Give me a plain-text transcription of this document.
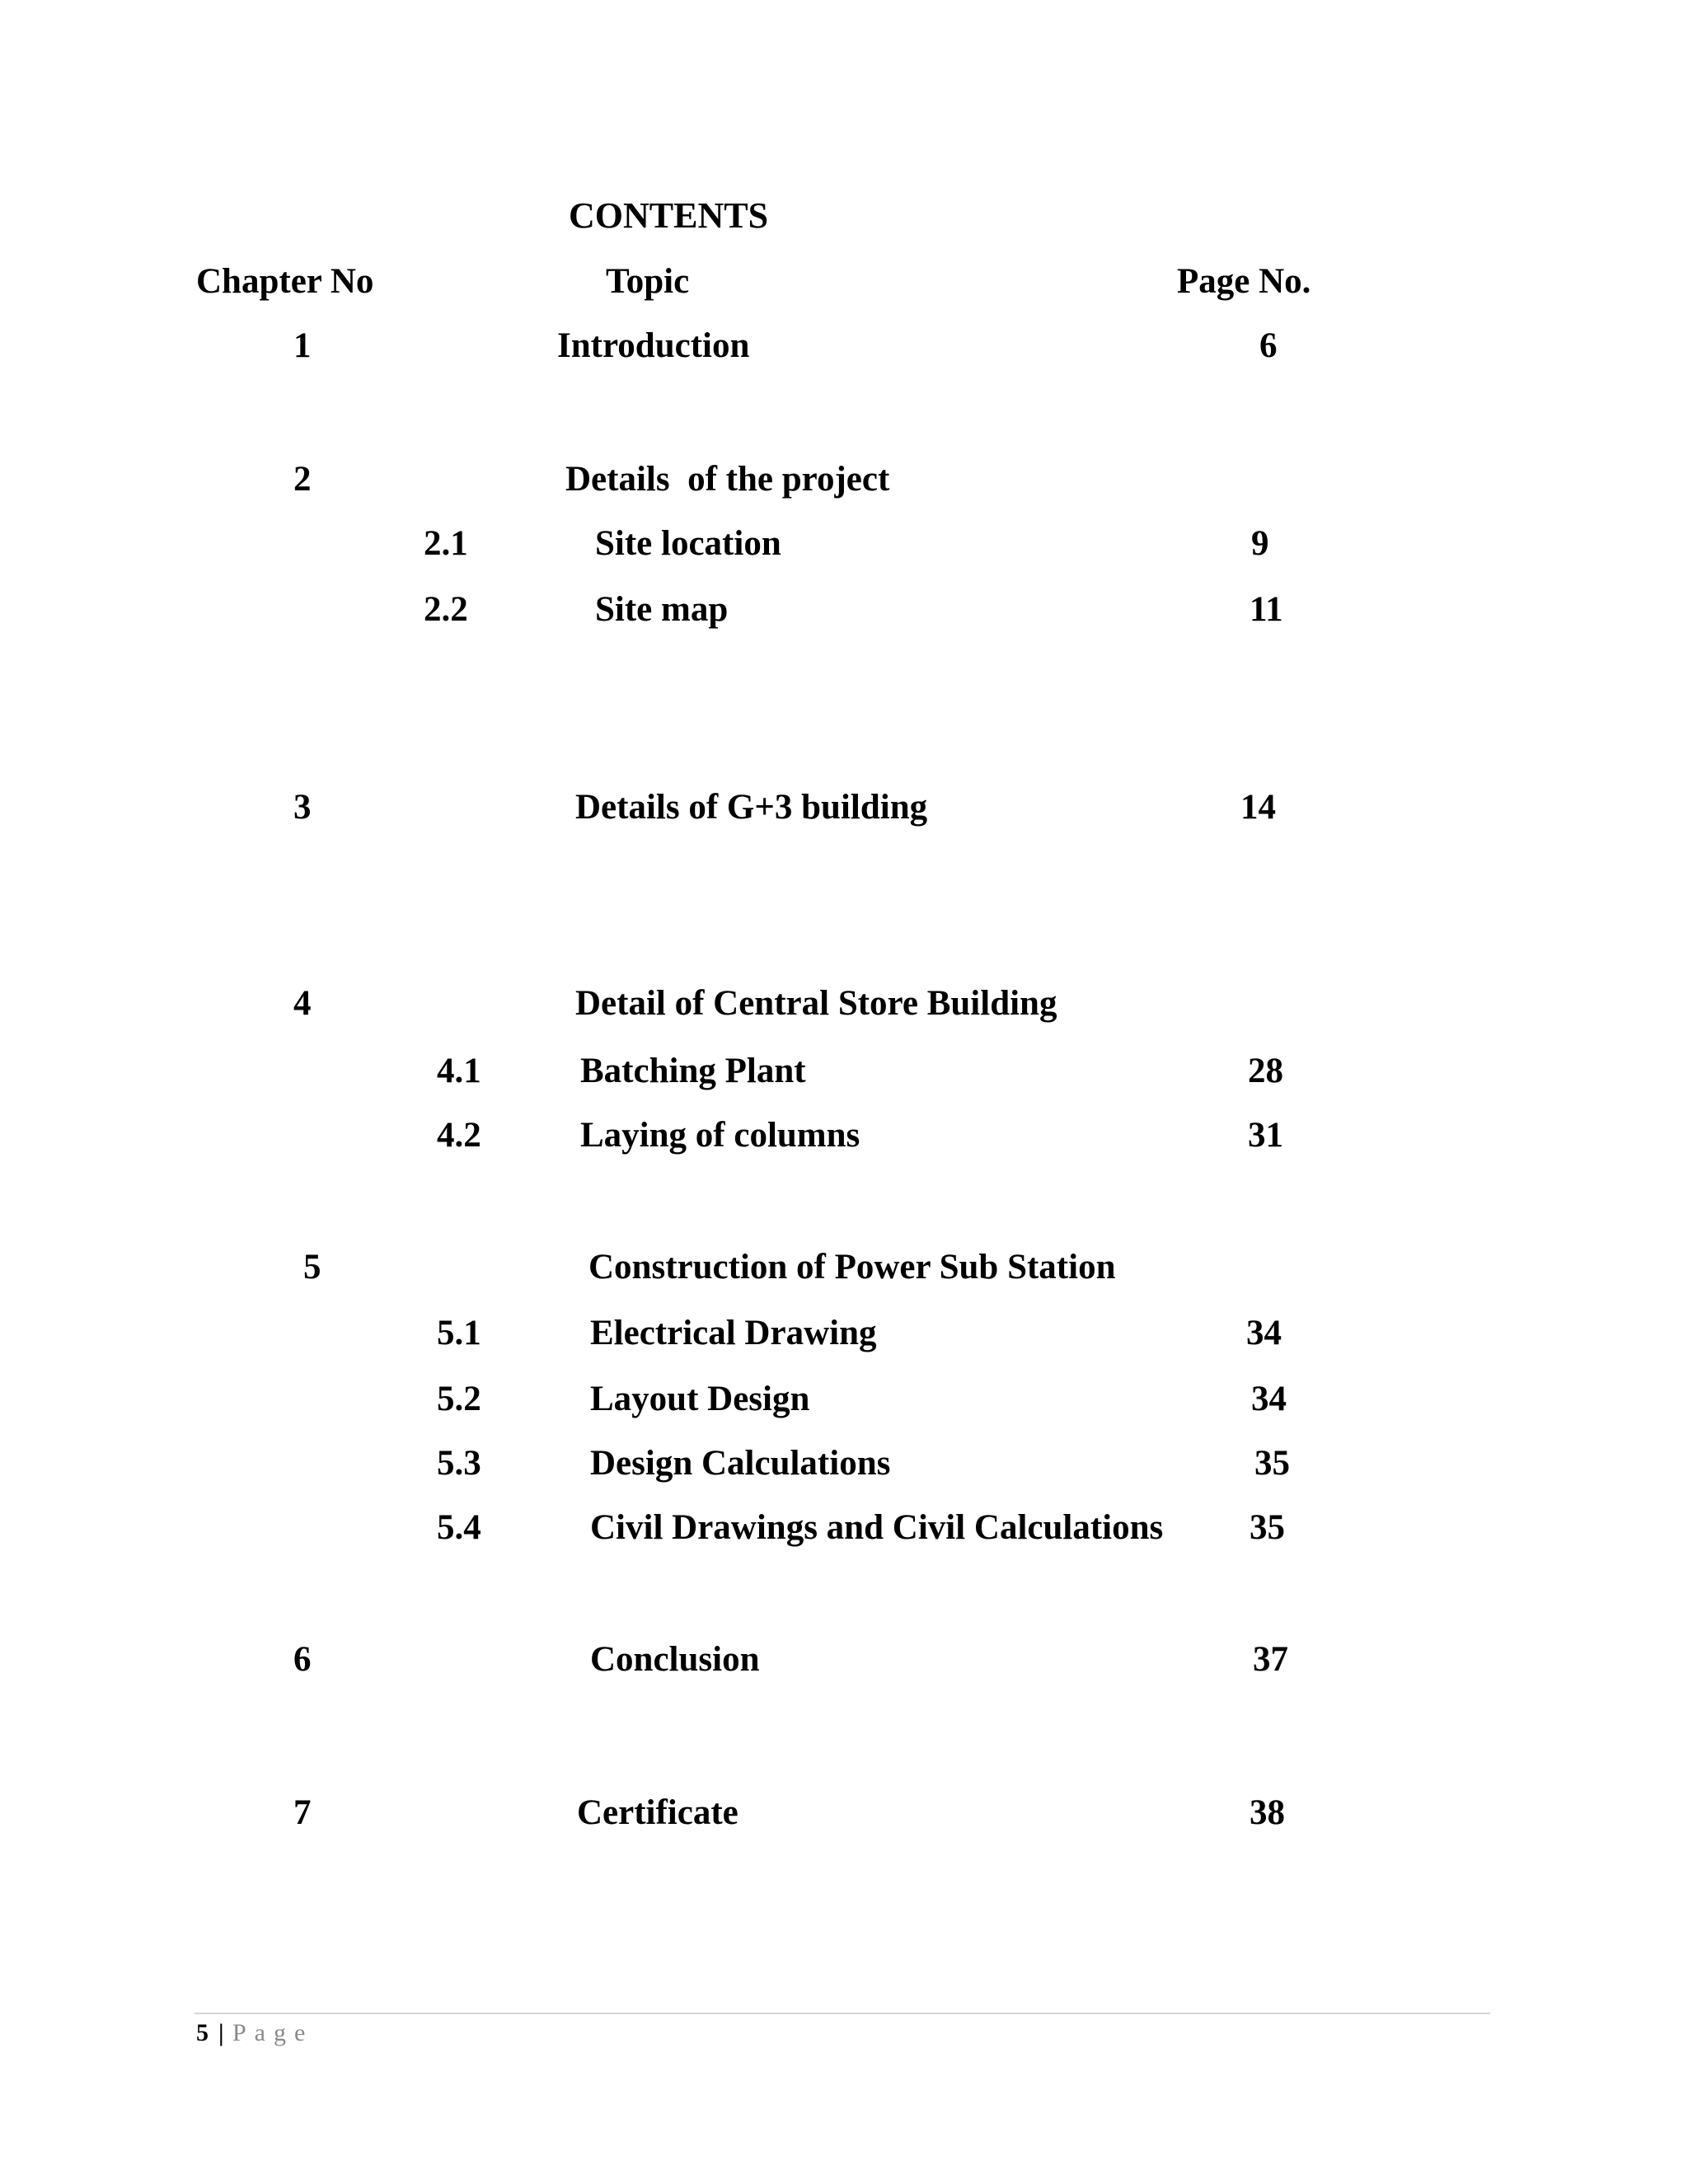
CONTENTS
Chapter No	Topic	Page No.
1	Introduction	6
2	Details  of the project
2.1	Site location	9
2.2	Site map	11
3	Details of G+3 building	14
4	Detail of Central Store Building
4.1	Batching Plant	28
4.2	Laying of columns	31
5	Construction of Power Sub Station
5.1	Electrical Drawing	34
5.2	Layout Design	34
5.3	Design Calculations	35
5.4	Civil Drawings and Civil Calculations 35
6	Conclusion	37
7	Certificate	38
5 | Page
